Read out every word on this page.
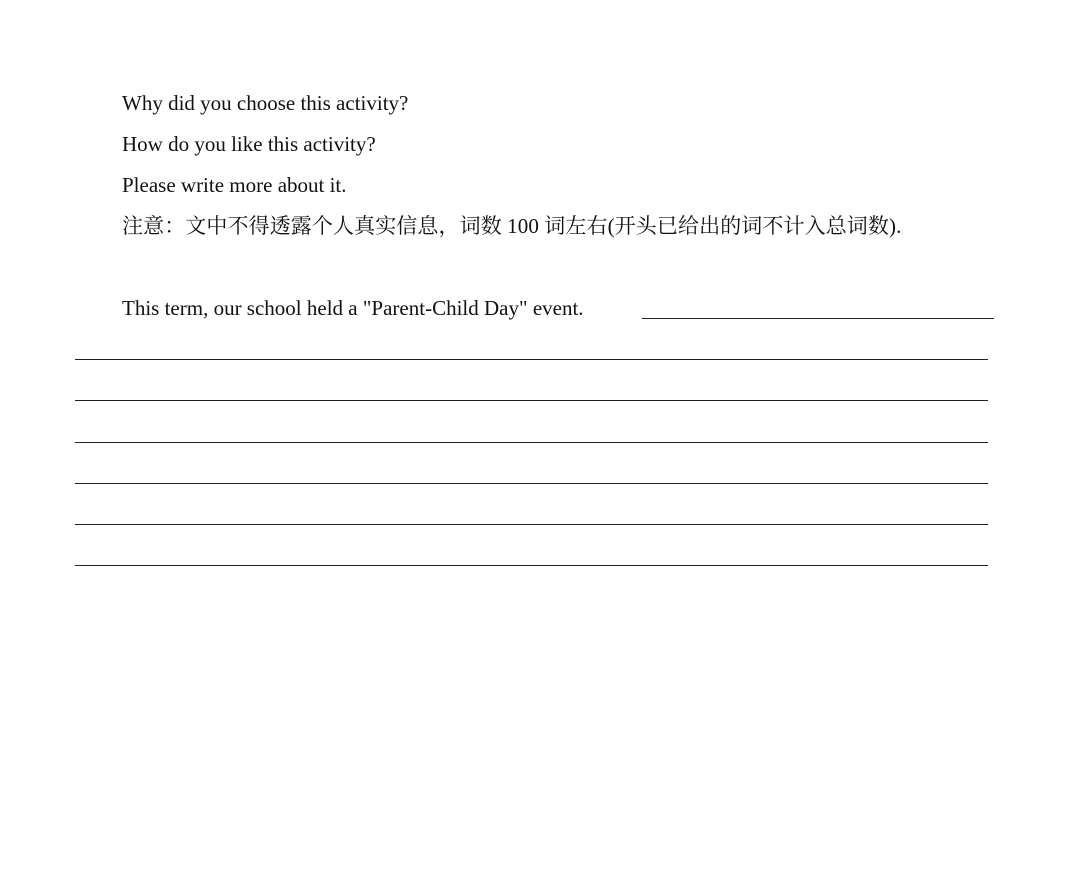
Why did you choose this activity?
How do you like this activity?
Please write more about it.
注意：文中不得透露个人真实信息，词数 100 词左右(开头已给出的词不计入总词数).
This term, our school held a "Parent-Child Day" event.
